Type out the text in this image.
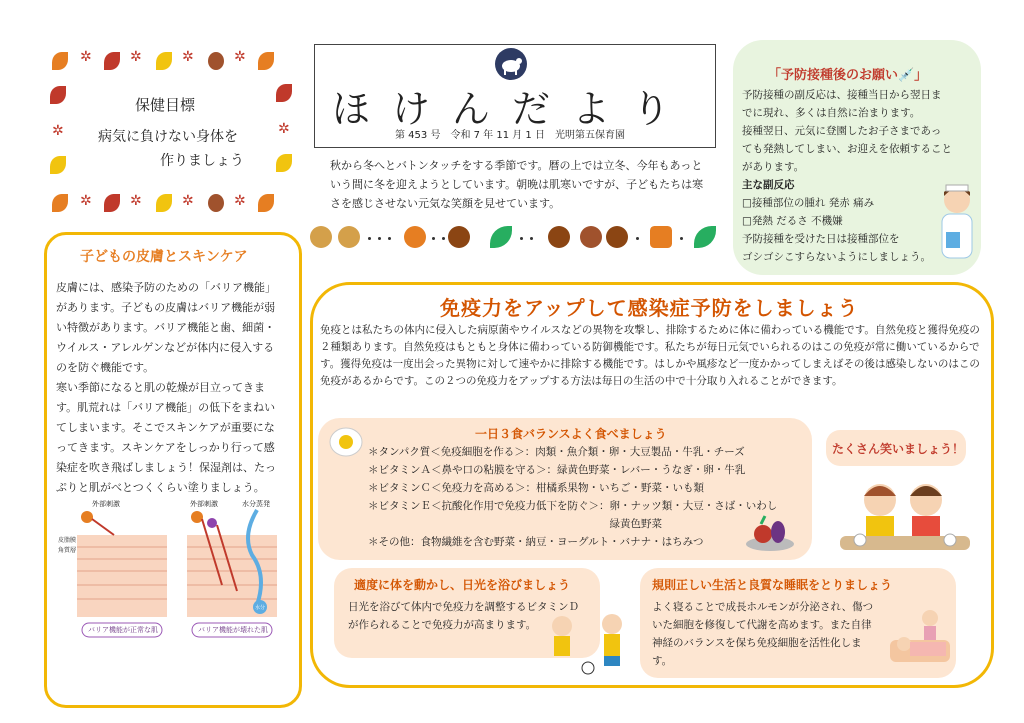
✲	✲	✲	✲
✲
✲
✲	✲	✲	✲
保健目標
病気に負けない身体を
作りましょう
ほけんだより
第 453 号　令和 7 年 11 月 1 日　光明第五保育園
秋から冬へとバトンタッチをする季節です。暦の上では立冬、今年もあっという間に冬を迎えようとしています。朝晩は肌寒いですが、子どもたちは寒さを感じさせない元気な笑顔を見せています。
「予防接種後のお願い💉」
予防接種の副反応は、接種当日から翌日ま
でに現れ、多くは自然に治まります。
接種翌日、元気に登園したお子さまであっ
ても発熱してしまい、お迎えを依頼すること
があります。
主な副反応
□接種部位の腫れ 発赤 痛み
□発熱 だるさ 不機嫌
予防接種を受けた日は接種部位を
ゴシゴシこすらないようにしましょう。
子どもの皮膚とスキンケア
皮膚には、感染予防のための「バリア機能」があります。子どもの皮膚はバリア機能が弱い特徴があります。バリア機能と歯、細菌・ウイルス・アレルゲンなどが体内に侵入するのを防ぐ機能です。
寒い季節になると肌の乾燥が目立ってきます。肌荒れは「バリア機能」の低下をまねいてしまいます。そこでスキンケアが重要になってきます。スキンケアをしっかり行って感染症を吹き飛ばしましょう！保湿剤は、たっぷりと肌がべとつくくらい塗りましょう。
外部刺激	外部刺激	水分蒸発
皮脂膜
角質層
水分
バリア機能が正常な肌	バリア機能が壊れた肌
免疫力をアップして感染症予防をしましょう
免疫とは私たちの体内に侵入した病原菌やウイルスなどの異物を攻撃し、排除するために体に備わっている機能です。自然免疫と獲得免疫の２種類あります。自然免疫はもともと身体に備わっている防御機能です。私たちが毎日元気でいられるのはこの免疫が常に働いているからです。獲得免疫は一度出会った異物に対して速やかに排除する機能です。はしかや風疹など一度かかってしまえばその後は感染しないのはこの免疫があるからです。この２つの免疫力をアップする方法は毎日の生活の中で十分取り入れることができます。
一日３食バランスよく食べましょう
＊タンパク質＜免疫細胞を作る＞：肉類・魚介類・卵・大豆製品・牛乳・チーズ
＊ビタミンＡ＜鼻や口の粘膜を守る＞：緑黄色野菜・レバー・うなぎ・卵・牛乳
＊ビタミンＣ＜免疫力を高める＞：柑橘系果物・いちご・野菜・いも類
＊ビタミンＥ＜抗酸化作用で免疫力低下を防ぐ＞：卵・ナッツ類・大豆・さば・いわし
　　　　　　　　　　　　　　　　　　　　　　　緑黄色野菜
＊その他：食物繊維を含む野菜・納豆・ヨーグルト・バナナ・はちみつ
たくさん笑いましょう！
適度に体を動かし、日光を浴びましょう
日光を浴びて体内で免疫力を調整するビタミンＤが作られることで免疫力が高まります。
規則正しい生活と良質な睡眠をとりましょう
よく寝ることで成長ホルモンが分泌され、傷ついた細胞を修復して代謝を高めます。また自律神経のバランスを保ち免疫細胞を活性化します。
